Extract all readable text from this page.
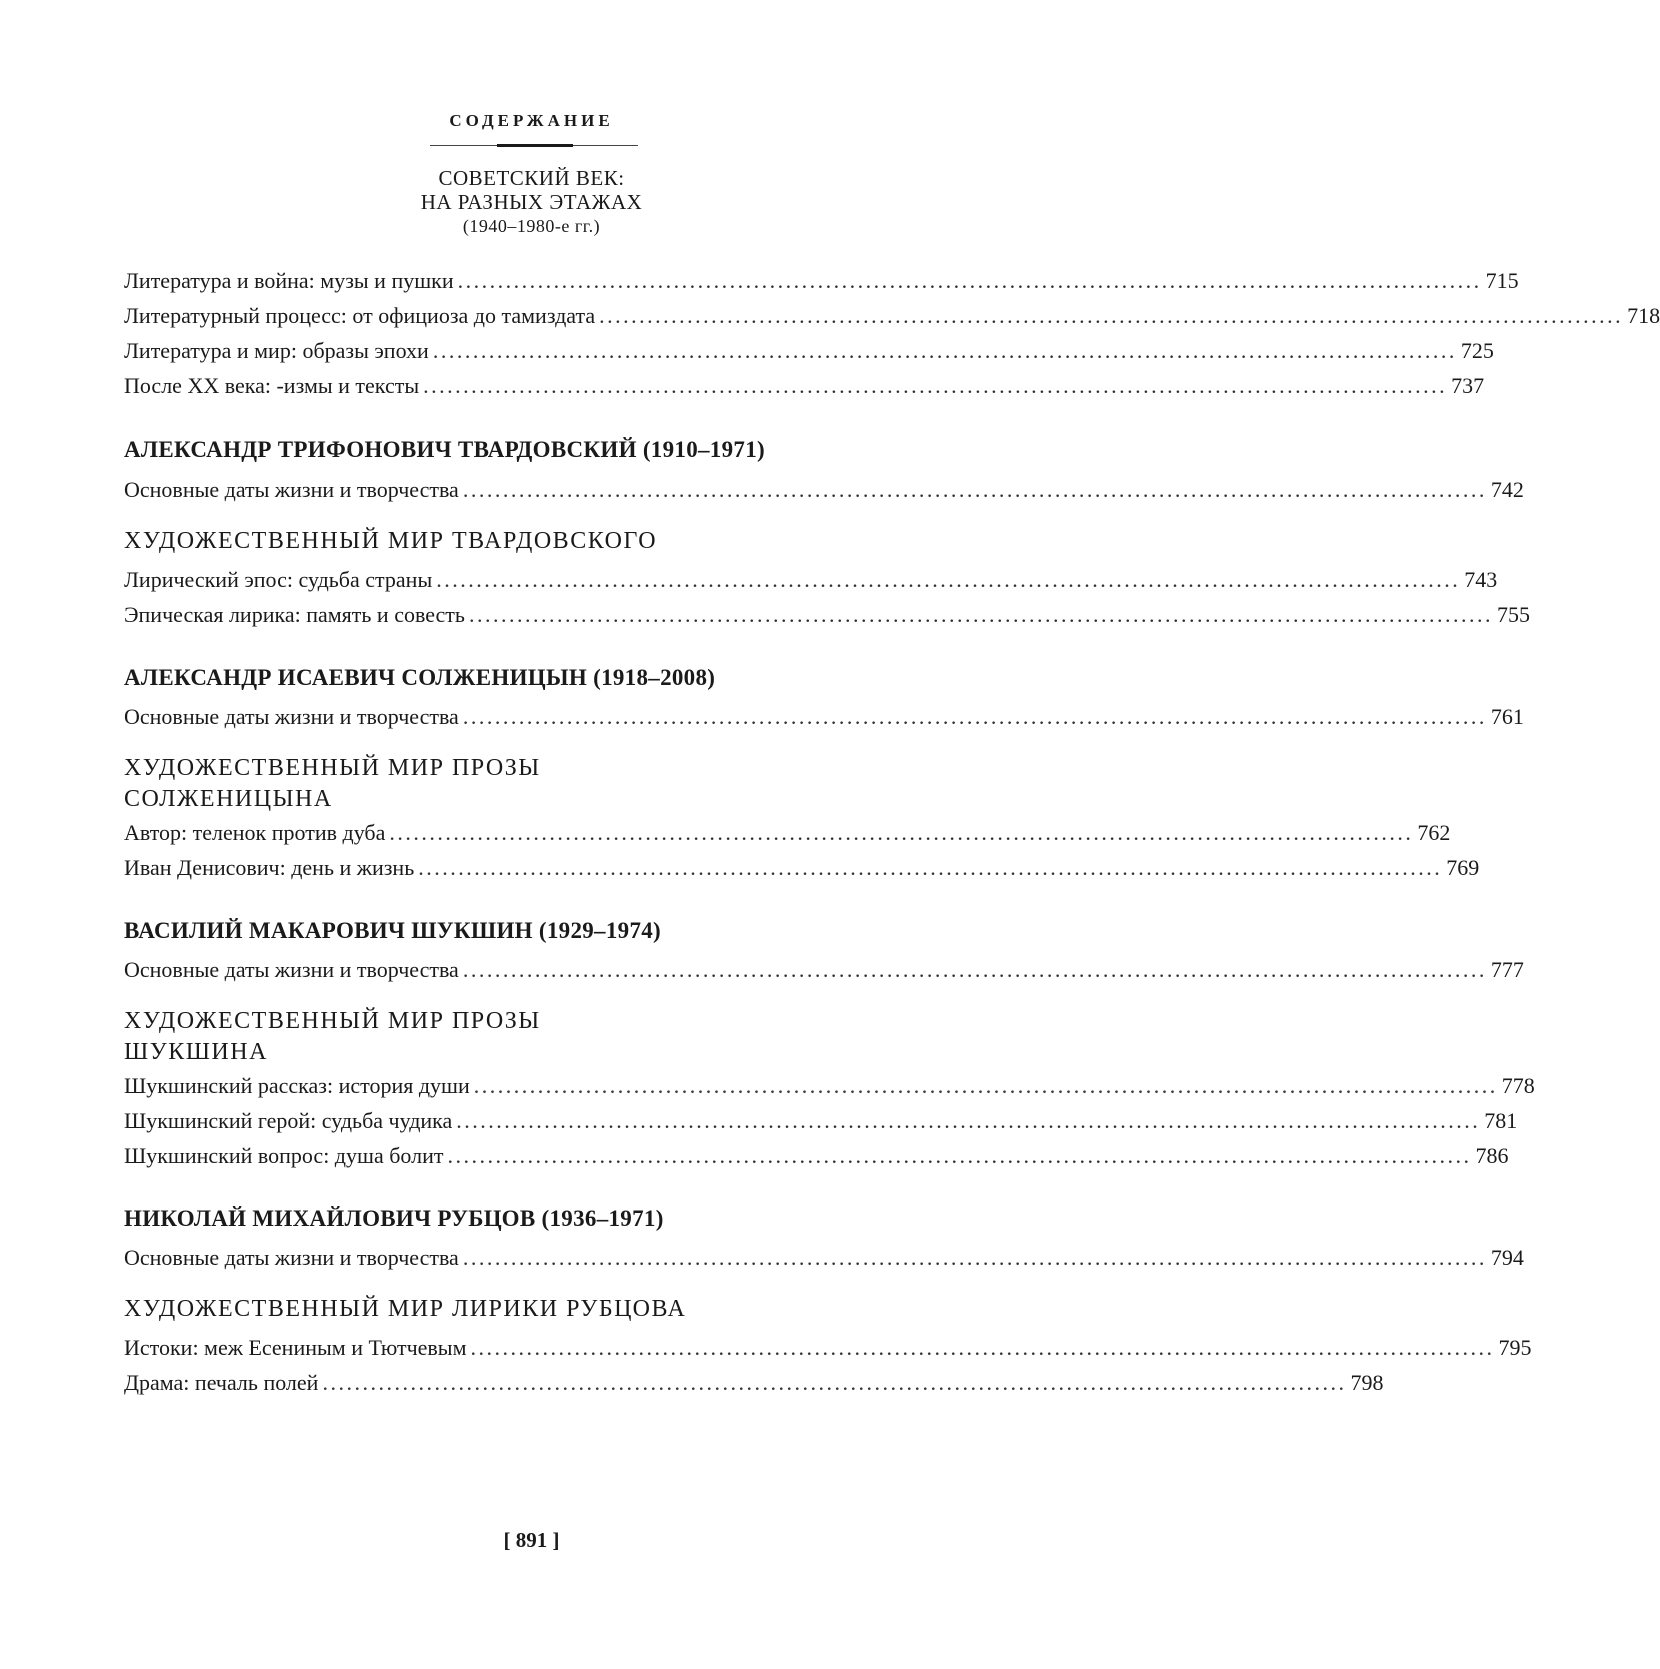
СОДЕРЖАНИЕ
СОВЕТСКИЙ ВЕК:
НА РАЗНЫХ ЭТАЖАХ
(1940–1980-е гг.)
Литература и война: музы и пушки ................................................................................................................................ 715
Литературный процесс: от официоза до тамиздата ................................................................................................................................ 718
Литература и мир: образы эпохи ................................................................................................................................ 725
После XX века: -измы и тексты ................................................................................................................................ 737
АЛЕКСАНДР ТРИФОНОВИЧ ТВАРДОВСКИЙ (1910–1971)
Основные даты жизни и творчества ................................................................................................................................ 742
ХУДОЖЕСТВЕННЫЙ МИР ТВАРДОВСКОГО
Лирический эпос: судьба страны ................................................................................................................................ 743
Эпическая лирика: память и совесть ................................................................................................................................ 755
АЛЕКСАНДР ИСАЕВИЧ СОЛЖЕНИЦЫН (1918–2008)
Основные даты жизни и творчества ................................................................................................................................ 761
ХУДОЖЕСТВЕННЫЙ МИР ПРОЗЫ
СОЛЖЕНИЦЫНА
Автор: теленок против дуба ................................................................................................................................ 762
Иван Денисович: день и жизнь ................................................................................................................................ 769
ВАСИЛИЙ МАКАРОВИЧ ШУКШИН (1929–1974)
Основные даты жизни и творчества ................................................................................................................................ 777
ХУДОЖЕСТВЕННЫЙ МИР ПРОЗЫ
ШУКШИНА
Шукшинский рассказ: история души ................................................................................................................................ 778
Шукшинский герой: судьба чудика ................................................................................................................................ 781
Шукшинский вопрос: душа болит ................................................................................................................................ 786
НИКОЛАЙ МИХАЙЛОВИЧ РУБЦОВ (1936–1971)
Основные даты жизни и творчества ................................................................................................................................ 794
ХУДОЖЕСТВЕННЫЙ МИР ЛИРИКИ РУБЦОВА
Истоки: меж Есениным и Тютчевым ................................................................................................................................ 795
Драма: печаль полей ................................................................................................................................ 798
[ 891 ]
